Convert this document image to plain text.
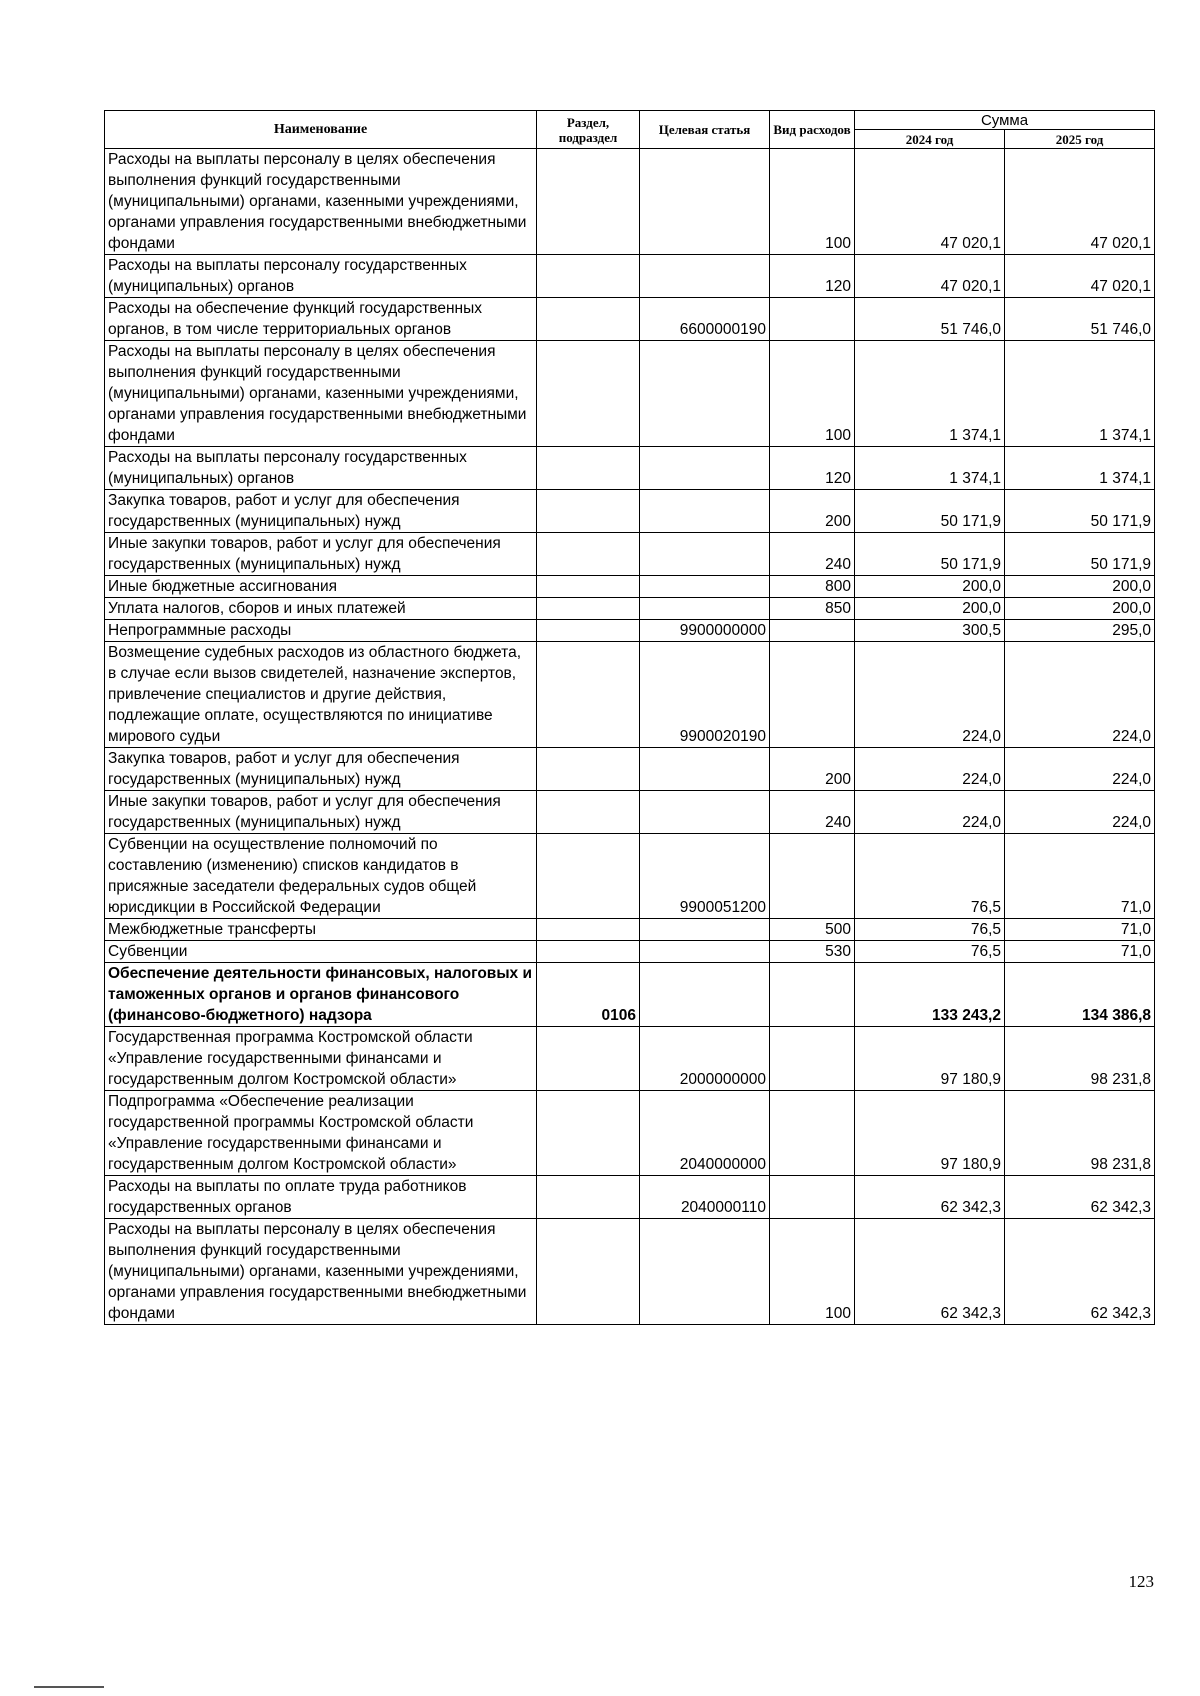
Наименование	Раздел, подраздел	Целевая статья	Вид расходов	Сумма	
				2024 год	2025 год
Расходы на выплаты персоналу в целях обеспечения выполнения функций государственными (муниципальными) органами, казенными учреждениями, органами управления государственными внебюджетными фондами			100	47 020,1	47 020,1
Расходы на выплаты персоналу государственных (муниципальных) органов			120	47 020,1	47 020,1
Расходы на обеспечение функций государственных органов, в том числе территориальных органов		6600000190		51 746,0	51 746,0
Расходы на выплаты персоналу в целях обеспечения выполнения функций государственными (муниципальными) органами, казенными учреждениями, органами управления государственными внебюджетными фондами			100	1 374,1	1 374,1
Расходы на выплаты персоналу государственных (муниципальных) органов			120	1 374,1	1 374,1
Закупка товаров, работ и услуг для обеспечения государственных (муниципальных) нужд			200	50 171,9	50 171,9
Иные закупки товаров, работ и услуг для обеспечения государственных (муниципальных) нужд			240	50 171,9	50 171,9
Иные бюджетные ассигнования			800	200,0	200,0
Уплата налогов, сборов и иных платежей			850	200,0	200,0
Непрограммные расходы		9900000000		300,5	295,0
Возмещение судебных расходов из областного бюджета, в случае если вызов свидетелей, назначение экспертов, привлечение специалистов и другие действия, подлежащие оплате, осуществляются по инициативе мирового судьи		9900020190		224,0	224,0
Закупка товаров, работ и услуг для обеспечения государственных (муниципальных) нужд			200	224,0	224,0
Иные закупки товаров, работ и услуг для обеспечения государственных (муниципальных) нужд			240	224,0	224,0
Субвенции на осуществление полномочий по составлению (изменению) списков кандидатов в присяжные заседатели федеральных судов общей юрисдикции в Российской Федерации		9900051200		76,5	71,0
Межбюджетные трансферты			500	76,5	71,0
Субвенции			530	76,5	71,0
Обеспечение деятельности финансовых, налоговых и таможенных органов и органов финансового (финансово-бюджетного) надзора	0106			133 243,2	134 386,8
Государственная программа Костромской области «Управление государственными финансами и государственным долгом Костромской области»		2000000000		97 180,9	98 231,8
Подпрограмма «Обеспечение реализации государственной программы Костромской области «Управление государственными финансами и государственным долгом Костромской области»		2040000000		97 180,9	98 231,8
Расходы на выплаты по оплате труда работников государственных органов		2040000110		62 342,3	62 342,3
Расходы на выплаты персоналу в целях обеспечения выполнения функций государственными (муниципальными) органами, казенными учреждениями, органами управления государственными внебюджетными фондами			100	62 342,3	62 342,3
123
